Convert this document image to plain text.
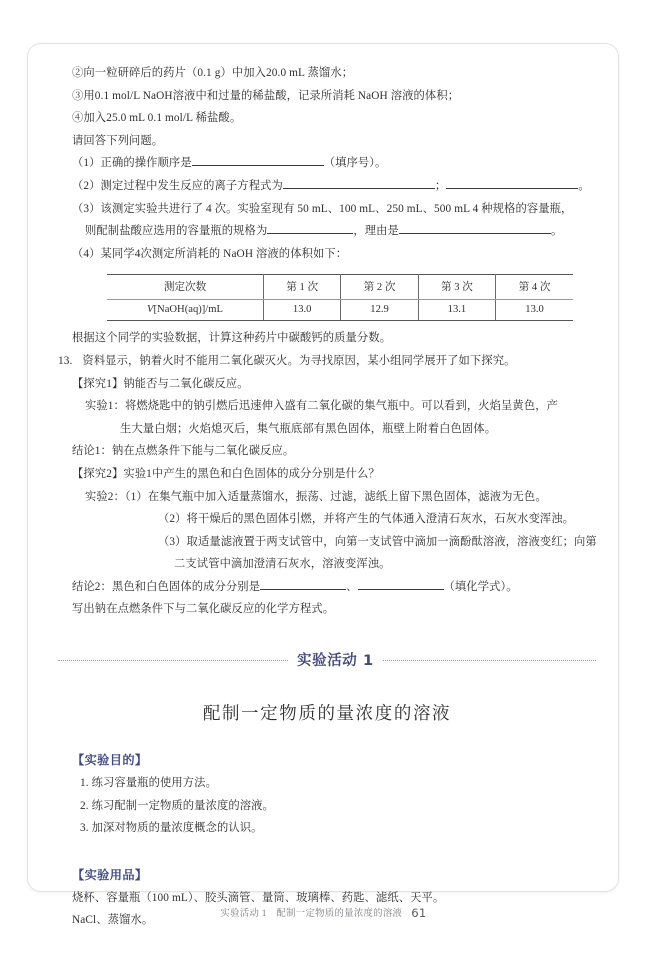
②向一粒研碎后的药片（0.1 g）中加入20.0 mL 蒸馏水；
③用0.1 mol/L NaOH溶液中和过量的稀盐酸，记录所消耗 NaOH 溶液的体积；
④加入25.0 mL 0.1 mol/L 稀盐酸。
请回答下列问题。
（1）正确的操作顺序是	（填序号）。
（2）测定过程中发生反应的离子方程式为	；	。
（3）该测定实验共进行了 4 次。实验室现有 50 mL、100 mL、250 mL、500 mL 4 种规格的容量瓶，
则配制盐酸应选用的容量瓶的规格为	，理由是	。
（4）某同学4次测定所消耗的 NaOH 溶液的体积如下：
测定次数	第 1 次	第 2 次	第 3 次	第 4 次
V[NaOH(aq)]/mL	13.0	12.9	13.1	13.0
根据这个同学的实验数据，计算这种药片中碳酸钙的质量分数。
13. 资料显示，钠着火时不能用二氧化碳灭火。为寻找原因，某小组同学展开了如下探究。
【探究1】钠能否与二氧化碳反应。
实验1：将燃烧匙中的钠引燃后迅速伸入盛有二氧化碳的集气瓶中。可以看到，火焰呈黄色，产
生大量白烟；火焰熄灭后，集气瓶底部有黑色固体，瓶壁上附着白色固体。
结论1：钠在点燃条件下能与二氧化碳反应。
【探究2】实验1中产生的黑色和白色固体的成分分别是什么？
实验2：（1）在集气瓶中加入适量蒸馏水，振荡、过滤，滤纸上留下黑色固体，滤液为无色。
（2）将干燥后的黑色固体引燃，并将产生的气体通入澄清石灰水，石灰水变浑浊。
（3）取适量滤液置于两支试管中，向第一支试管中滴加一滴酚酞溶液，溶液变红；向第
二支试管中滴加澄清石灰水，溶液变浑浊。
结论2：黑色和白色固体的成分分别是	、	（填化学式）。
写出钠在点燃条件下与二氧化碳反应的化学方程式。
实验活动 1
配制一定物质的量浓度的溶液
【实验目的】
1. 练习容量瓶的使用方法。
2. 练习配制一定物质的量浓度的溶液。
3. 加深对物质的量浓度概念的认识。
【实验用品】
烧杯、容量瓶（100 mL）、胶头滴管、量筒、玻璃棒、药匙、滤纸、天平。
NaCl、蒸馏水。
实验活动 1　配制一定物质的量浓度的溶液 61
